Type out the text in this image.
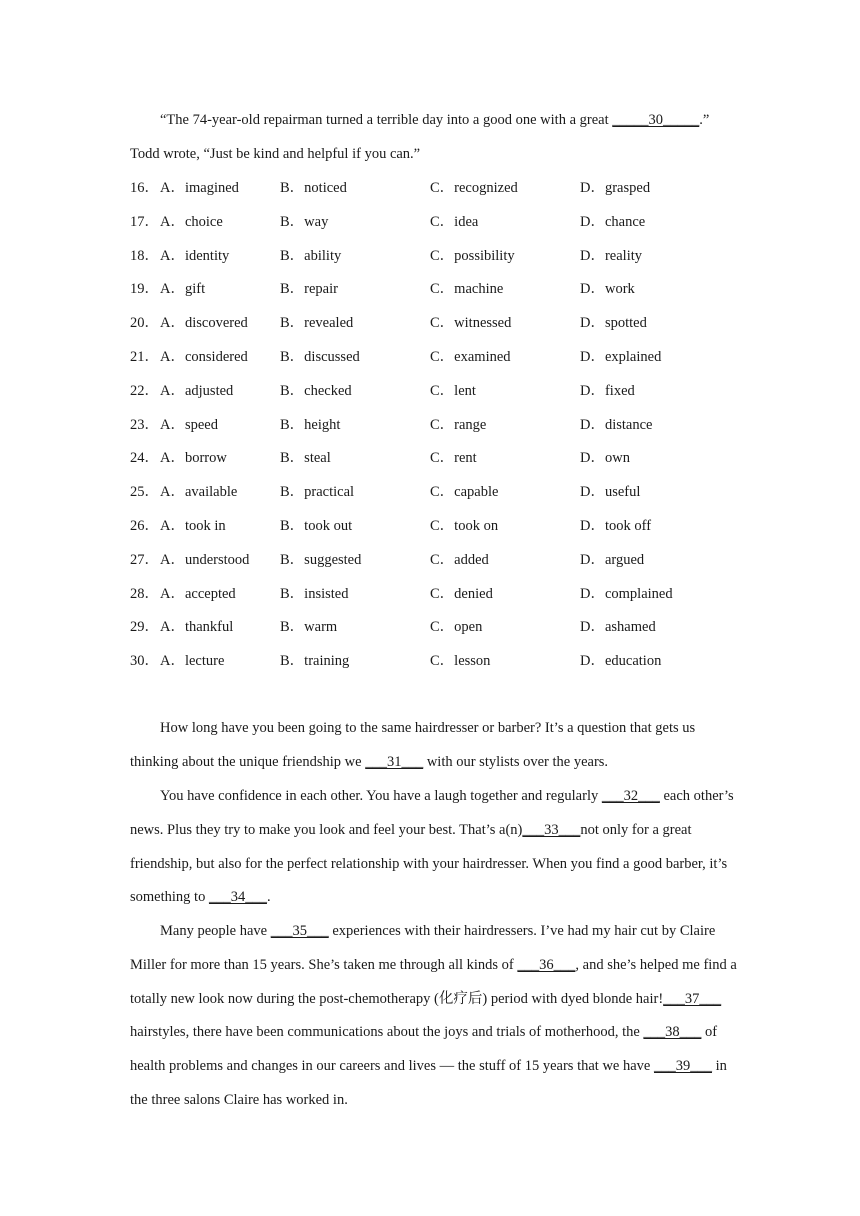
“The 74-year-old repairman turned a terrible day into a good one with a great _____30_____.”
Todd wrote, “Just be kind and helpful if you can.”

16． A．imagined	B．noticed	C．recognized	D．grasped
17． A．choice	B．way	C．idea	D．chance
18． A．identity	B．ability	C．possibility	D．reality
19． A．gift	B．repair	C．machine	D．work
20． A．discovered B．revealed	C．witnessed	D．spotted
21． A．considered B．discussed	C．examined	D．explained
22． A．adjusted	B．checked	C．lent	D．fixed
23． A．speed	B．height	C．range	D．distance
24． A．borrow	B．steal	C．rent	D．own
25． A．available	B．practical	C．capable	D．useful
26． A．took in	B．took out	C．took on	D．took off
27． A．understood B．suggested	C．added	D．argued
28． A．accepted	B．insisted	C．denied	D．complained
29． A．thankful	B．warm	C．open	D．ashamed
30． A．lecture	B．training	C．lesson	D．education

How long have you been going to the same hairdresser or barber? It’s a question that gets us thinking about the unique friendship we ___31___ with our stylists over the years.

You have confidence in each other. You have a laugh together and regularly ___32___ each other’s news. Plus they try to make you look and feel your best. That’s a(n)___33___not only for a great friendship, but also for the perfect relationship with your hairdresser. When you find a good barber, it’s something to ___34___.

Many people have ___35___ experiences with their hairdressers. I’ve had my hair cut by Claire Miller for more than 15 years. She’s taken me through all kinds of ___36___, and she’s helped me find a totally new look now during the post-chemotherapy (化疗后) period with dyed blonde hair!___37___ hairstyles, there have been communications about the joys and trials of motherhood, the ___38___ of health problems and changes in our careers and lives — the stuff of 15 years that we have ___39___ in the three salons Claire has worked in.
